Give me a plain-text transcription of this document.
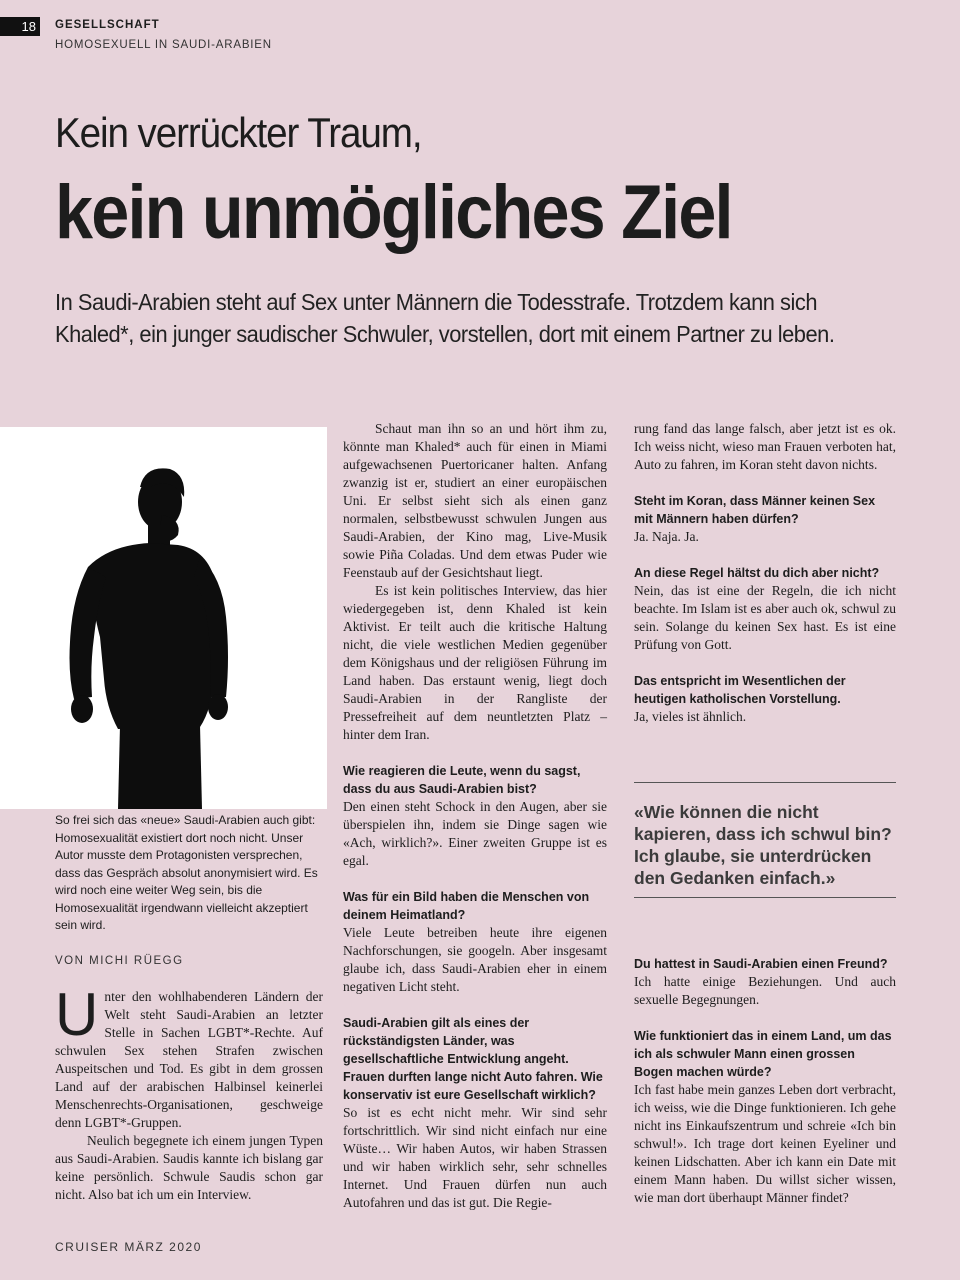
18	GESELLSCHAFT
HOMOSEXUELL IN SAUDI-ARABIEN
Kein verrückter Traum,
kein unmögliches Ziel
In Saudi-Arabien steht auf Sex unter Männern die Todesstrafe. Trotzdem kann sich Khaled*, ein junger saudischer Schwuler, vorstellen, dort mit einem Partner zu leben.
So frei sich das «neue» Saudi-Arabien auch gibt: Homosexualität existiert dort noch nicht. Unser Autor musste dem Protagonisten versprechen, dass das Gespräch absolut anonymisiert wird. Es wird noch eine weiter Weg sein, bis die Homosexualität irgendwann vielleicht akzeptiert sein wird.
VON MICHI RÜEGG

Unter den wohlhabenderen Ländern der Welt steht Saudi-Arabien an letzter Stelle in Sachen LGBT*-Rechte. Auf schwulen Sex stehen Strafen zwischen Auspeitschen und Tod. Es gibt in dem grossen Land auf der arabischen Halbinsel keinerlei Menschenrechts-Organisationen, geschweige denn LGBT*-Gruppen.

Neulich begegnete ich einem jungen Typen aus Saudi-Arabien. Saudis kannte ich bislang gar keine persönlich. Schwule Saudis schon gar nicht. Also bat ich um ein Interview.

Schaut man ihn so an und hört ihm zu, könnte man Khaled* auch für einen in Miami aufgewachsenen Puertoricaner halten. Anfang zwanzig ist er, studiert an einer europäischen Uni. Er selbst sieht sich als einen ganz normalen, selbstbewusst schwulen Jungen aus Saudi-Arabien, der Kino mag, Live-Musik sowie Piña Coladas. Und dem etwas Puder wie Feenstaub auf der Gesichtshaut liegt.

Es ist kein politisches Interview, das hier wiedergegeben ist, denn Khaled ist kein Aktivist. Er teilt auch die kritische Haltung nicht, die viele westlichen Medien gegenüber dem Königshaus und der religiösen Führung im Land haben. Das erstaunt wenig, liegt doch Saudi-Arabien in der Rangliste der Pressefreiheit auf dem neuntletzten Platz – hinter dem Iran.

Wie reagieren die Leute, wenn du sagst, dass du aus Saudi-Arabien bist?

Den einen steht Schock in den Augen, aber sie überspielen ihn, indem sie Dinge sagen wie «Ach, wirklich?». Einer zweiten Gruppe ist es egal.

Was für ein Bild haben die Menschen von deinem Heimatland?

Viele Leute betreiben heute ihre eigenen Nachforschungen, sie googeln. Aber insgesamt glaube ich, dass Saudi-Arabien eher in einem negativen Licht steht.

Saudi-Arabien gilt als eines der rückständigsten Länder, was gesellschaftliche Entwicklung angeht. Frauen durften lange nicht Auto fahren. Wie konservativ ist eure Gesellschaft wirklich?

So ist es echt nicht mehr. Wir sind sehr fortschrittlich. Wir sind nicht einfach nur eine Wüste… Wir haben Autos, wir haben Strassen und wir haben wirklich sehr, sehr schnelles Internet. Und Frauen dürfen nun auch Autofahren und das ist gut. Die Regie-

rung fand das lange falsch, aber jetzt ist es ok. Ich weiss nicht, wieso man Frauen verboten hat, Auto zu fahren, im Koran steht davon nichts.

Steht im Koran, dass Männer keinen Sex mit Männern haben dürfen?

Ja. Naja. Ja.

An diese Regel hältst du dich aber nicht?

Nein, das ist eine der Regeln, die ich nicht beachte. Im Islam ist es aber auch ok, schwul zu sein. Solange du keinen Sex hast. Es ist eine Prüfung von Gott.

Das entspricht im Wesentlichen der heutigen katholischen Vorstellung.

Ja, vieles ist ähnlich.

«Wie können die nicht kapieren, dass ich schwul bin? Ich glaube, sie unterdrücken den Gedanken einfach.»
Du hattest in Saudi-Arabien einen Freund?

Ich hatte einige Beziehungen. Und auch sexuelle Begegnungen.

Wie funktioniert das in einem Land, um das ich als schwuler Mann einen grossen Bogen machen würde?

Ich fast habe mein ganzes Leben dort verbracht, ich weiss, wie die Dinge funktionieren. Ich gehe nicht ins Einkaufszentrum und schreie «Ich bin schwul!». Ich trage dort keinen Eyeliner und keinen Lidschatten. Aber ich kann ein Date mit einem Mann haben. Du willst sicher wissen, wie man dort überhaupt Männer findet?

CRUISER MÄRZ 2020
